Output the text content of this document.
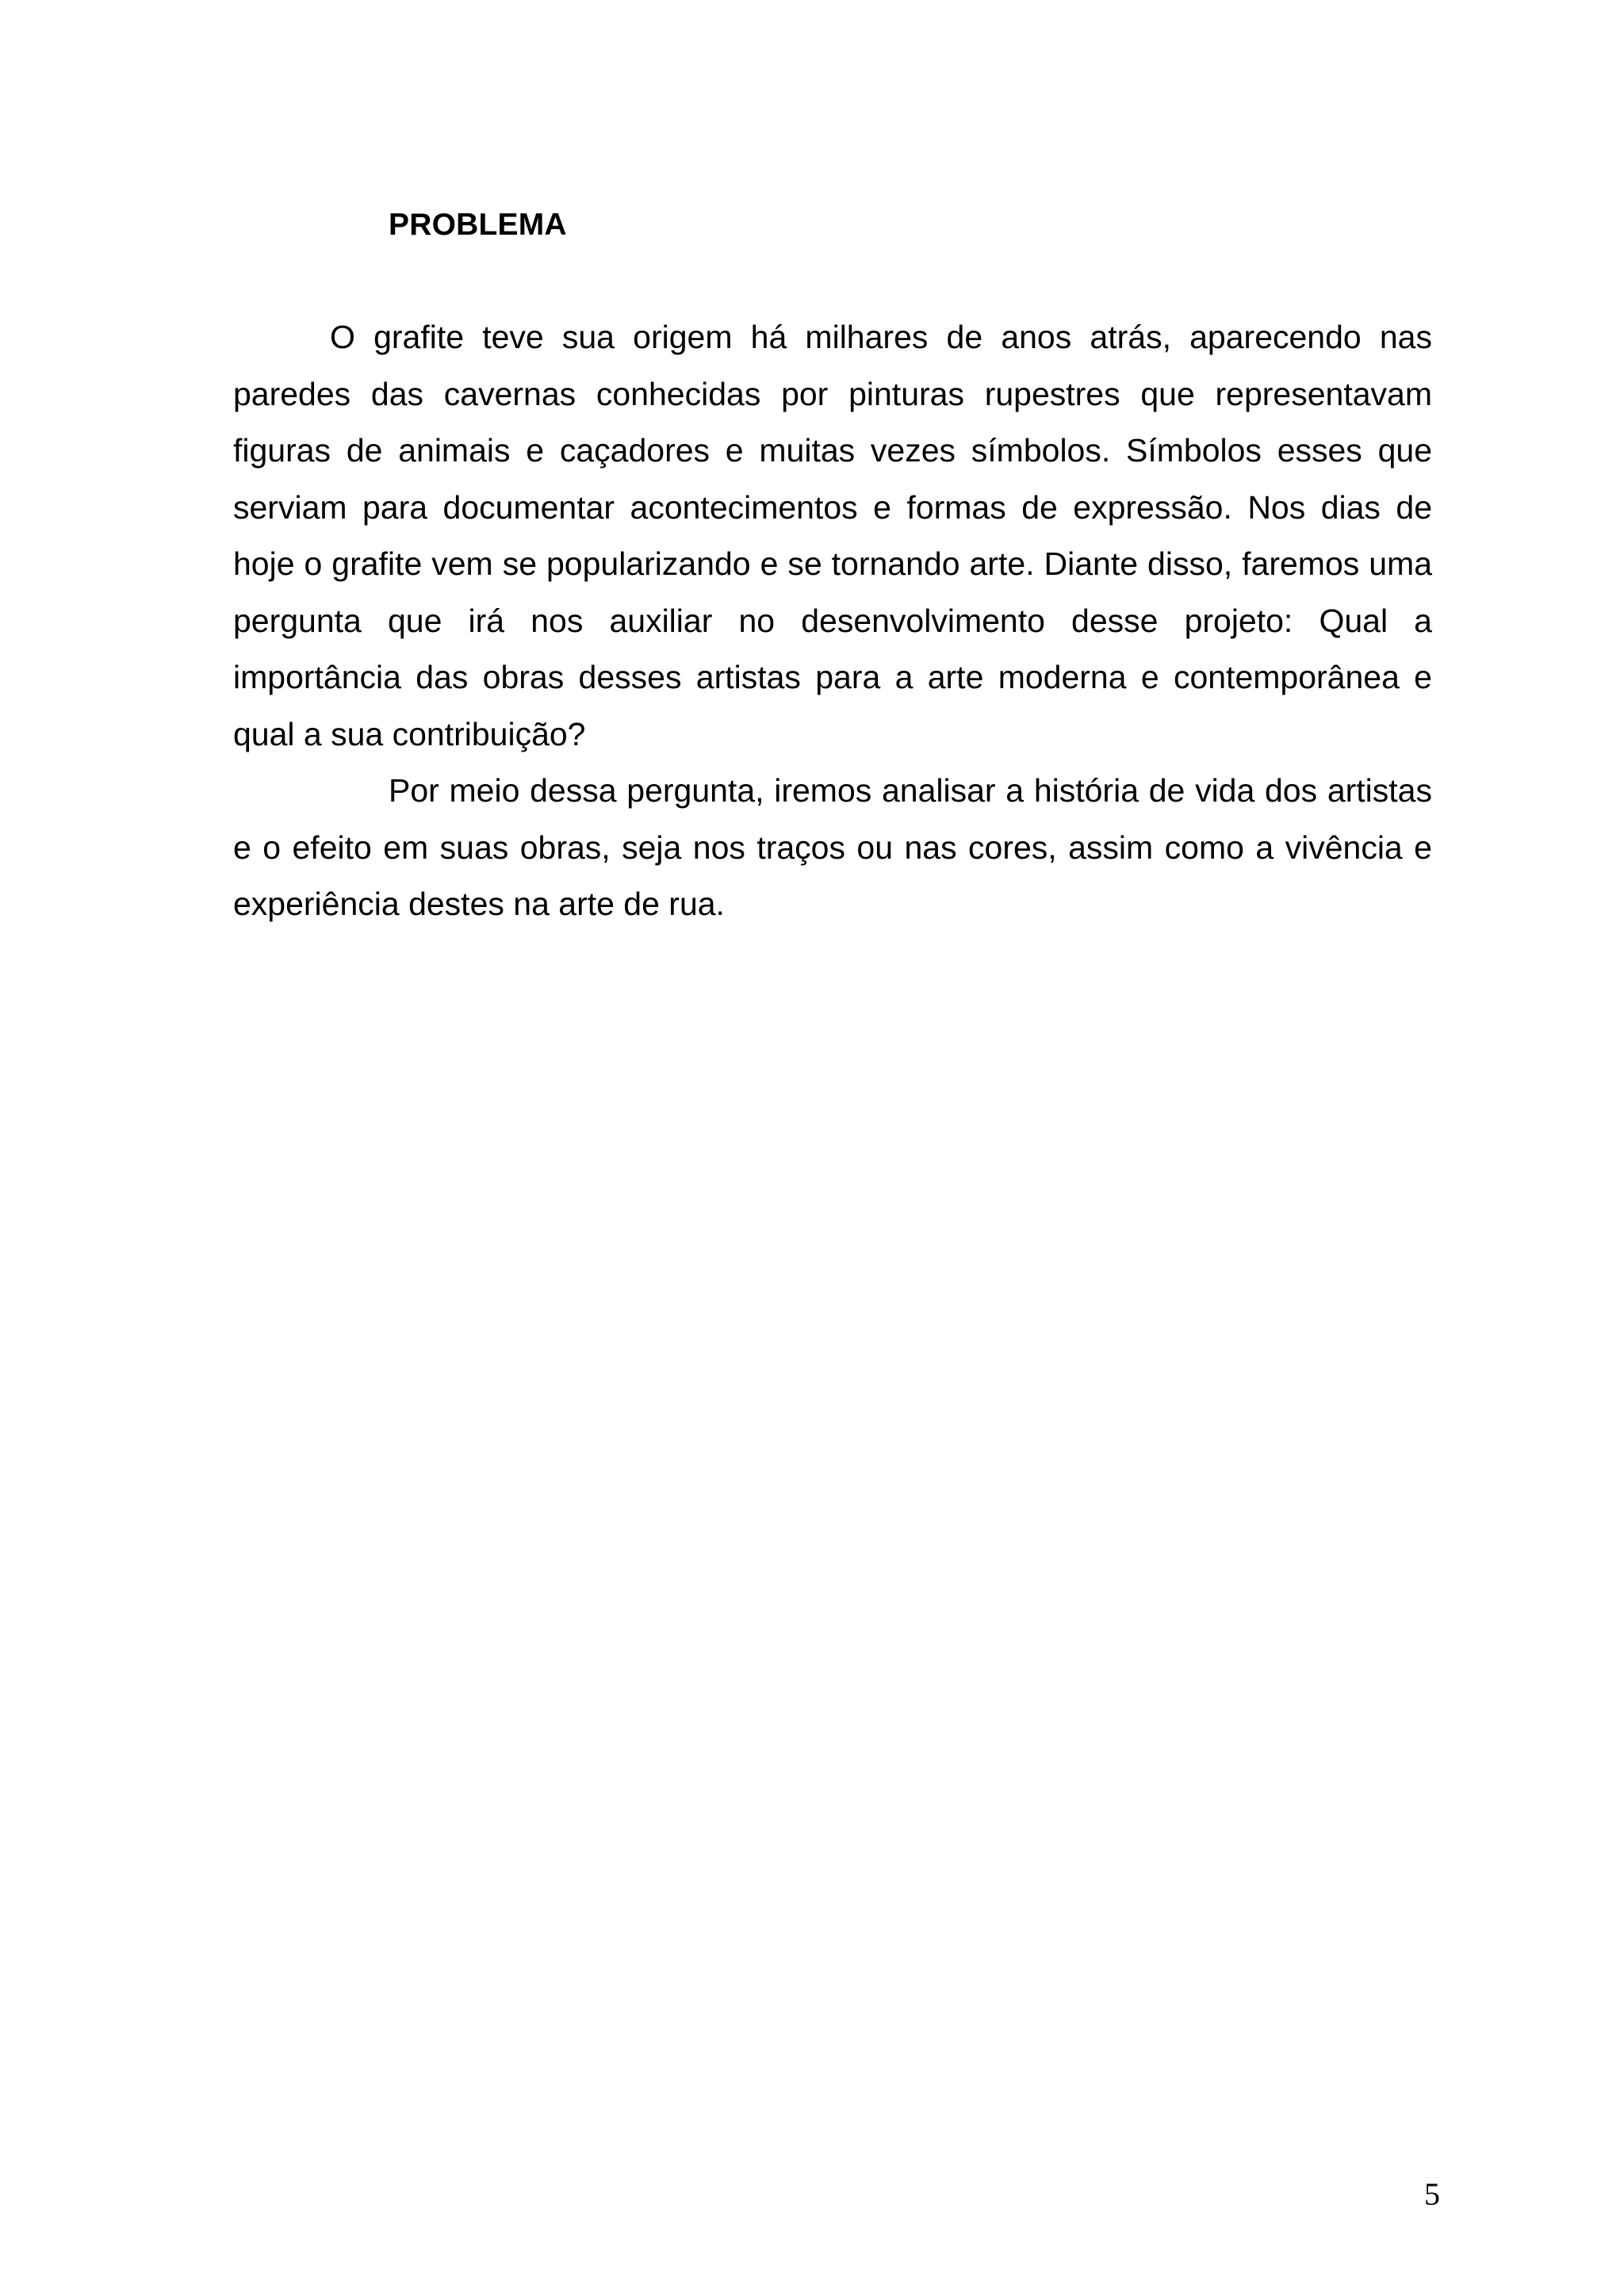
PROBLEMA

O grafite teve sua origem há milhares de anos atrás, aparecendo nas paredes das cavernas conhecidas por pinturas rupestres que representavam figuras de animais e caçadores e muitas vezes símbolos. Símbolos esses que serviam para documentar acontecimentos e formas de expressão. Nos dias de hoje o grafite vem se popularizando e se tornando arte. Diante disso, faremos uma pergunta que irá nos auxiliar no desenvolvimento desse projeto: Qual a importância das obras desses artistas para a arte moderna e contemporânea e qual a sua contribuição?

Por meio dessa pergunta, iremos analisar a história de vida dos artistas e o efeito em suas obras, seja nos traços ou nas cores, assim como a vivência e experiência destes na arte de rua.

5
